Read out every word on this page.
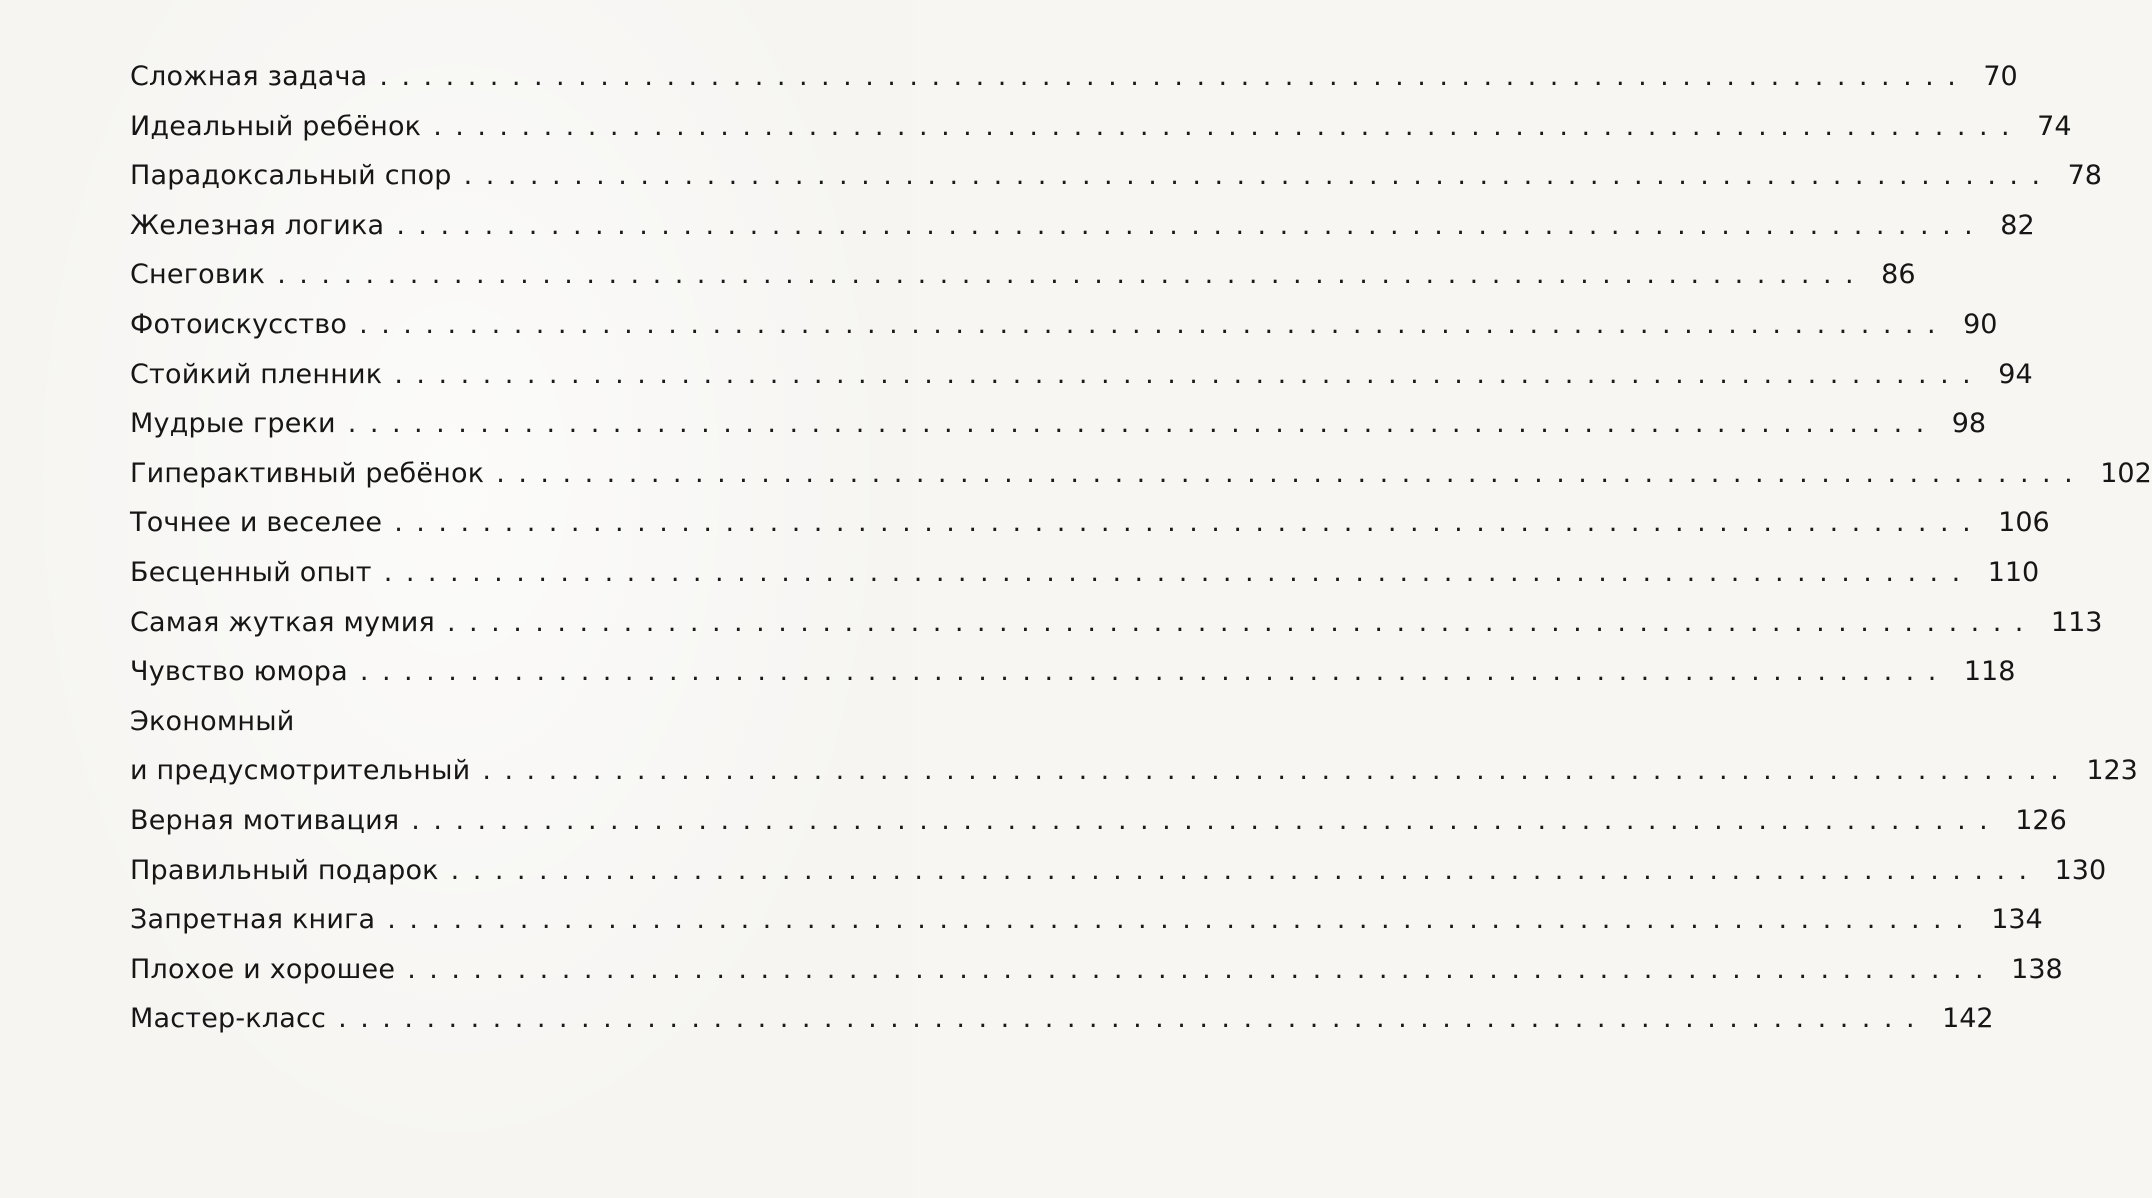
Сложная задача ........................................................................ 70
Идеальный ребёнок ........................................................................ 74
Парадоксальный спор ........................................................................ 78
Железная логика ........................................................................ 82
Снеговик ........................................................................ 86
Фотоискусство ........................................................................ 90
Стойкий пленник ........................................................................ 94
Мудрые греки ........................................................................ 98
Гиперактивный ребёнок ........................................................................ 102
Точнее и веселее ........................................................................ 106
Бесценный опыт ........................................................................ 110
Самая жуткая мумия ........................................................................ 113
Чувство юмора ........................................................................ 118
Экономный
и предусмотрительный ........................................................................ 123
Верная мотивация ........................................................................ 126
Правильный подарок ........................................................................ 130
Запретная книга ........................................................................ 134
Плохое и хорошее ........................................................................ 138
Мастер-класс ........................................................................ 142
